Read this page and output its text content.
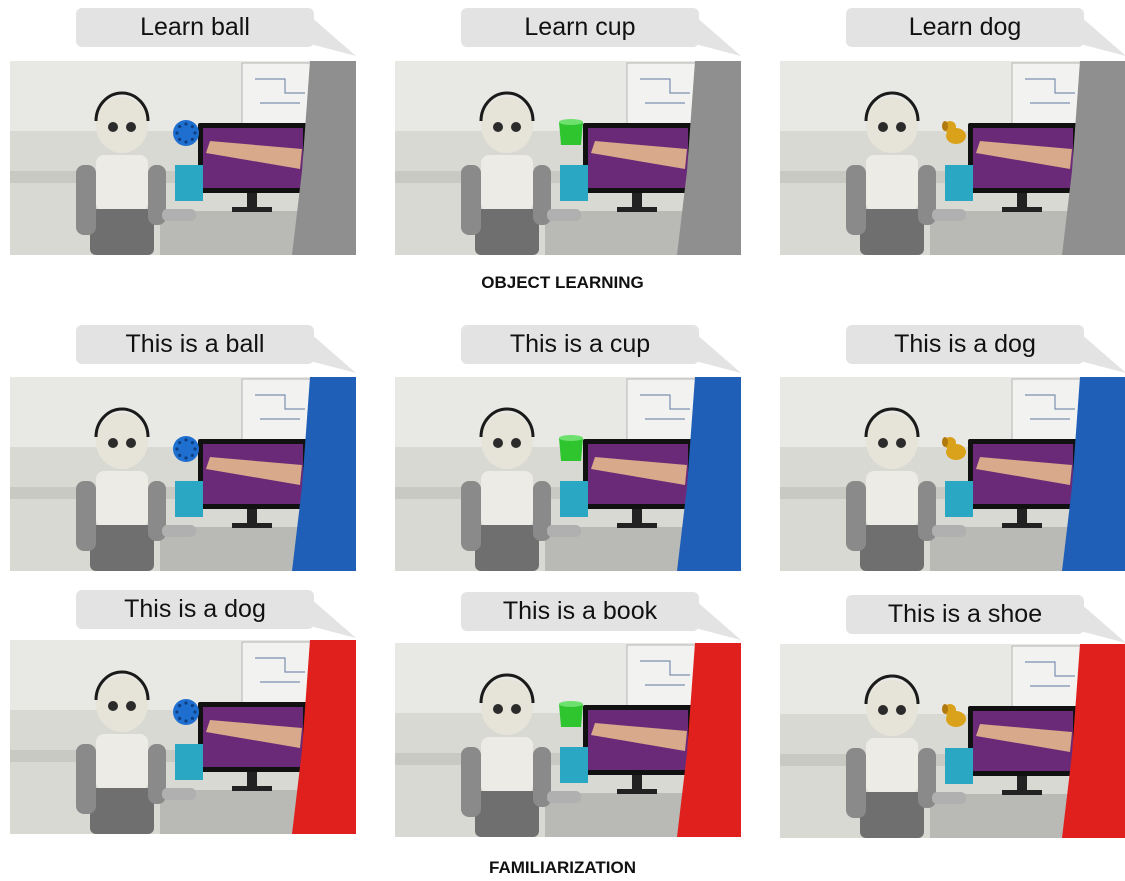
Learn ball	Learn cup	Learn dog
OBJECT LEARNING
This is a ball	This is a cup	This is a dog
This is a dog	This is a book	This is a shoe
FAMILIARIZATION
